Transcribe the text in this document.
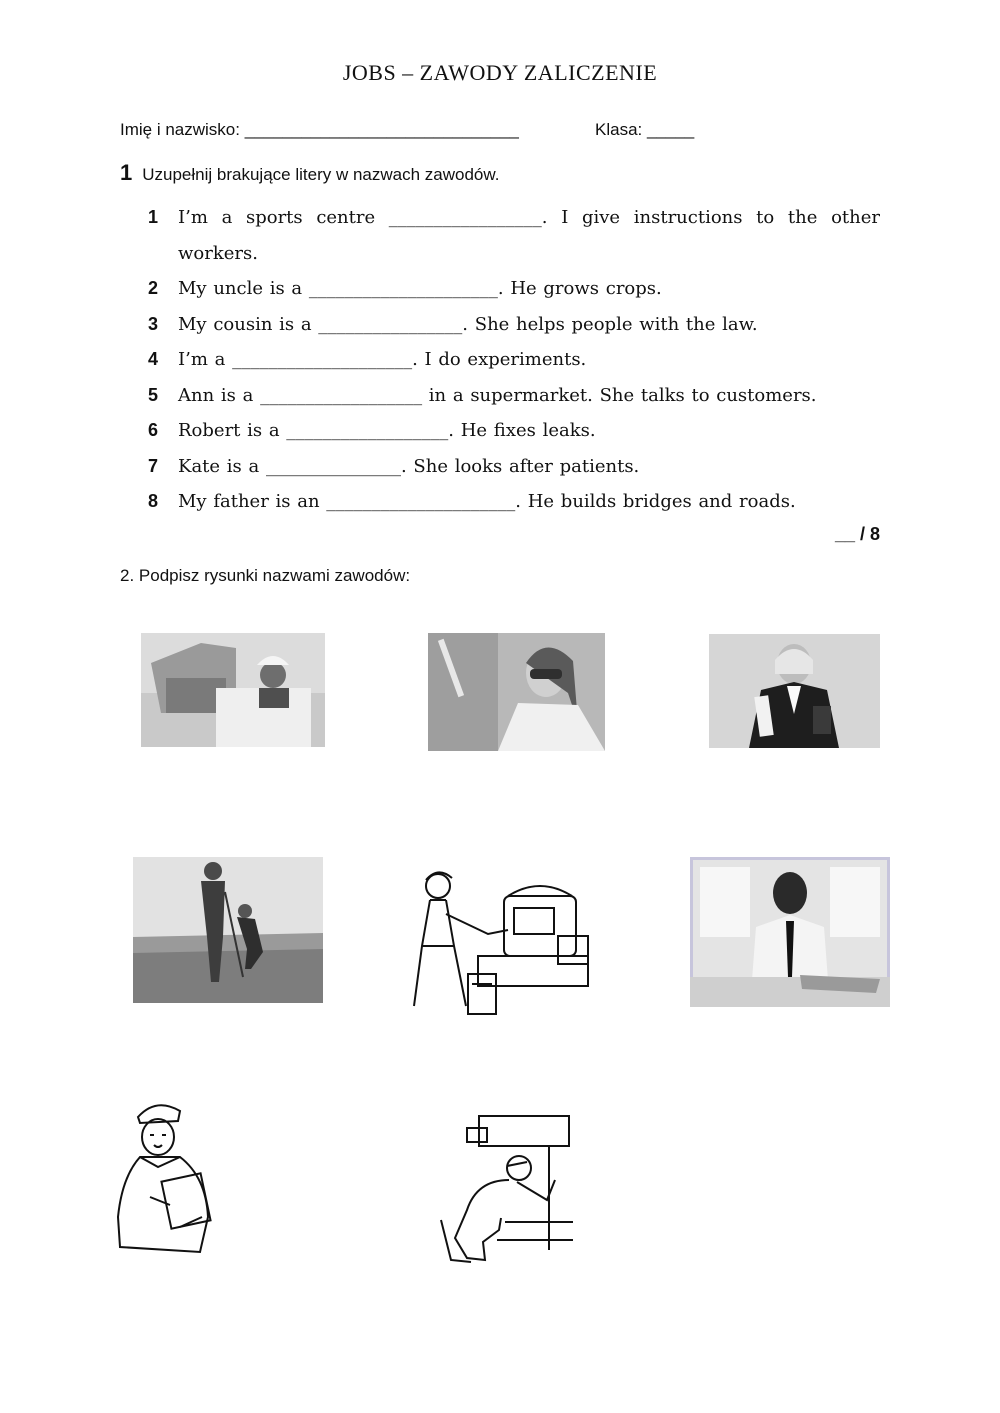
JOBS – ZAWODY ZALICZENIE
Imię i nazwisko: _____________________________	Klasa: _____
1 Uzupełnij brakujące litery w nazwach zawodów.
1 I’m a sports centre _________________. I give instructions to the other workers.
2 My uncle is a _____________________. He grows crops.
3 My cousin is a ________________. She helps people with the law.
4 I’m a ____________________. I do experiments.
5 Ann is a __________________ in a supermarket. She talks to customers.
6 Robert is a __________________. He fixes leaks.
7 Kate is a _______________. She looks after patients.
8 My father is an _____________________. He builds bridges and roads.
__ / 8
2. Podpisz rysunki nazwami zawodów:
